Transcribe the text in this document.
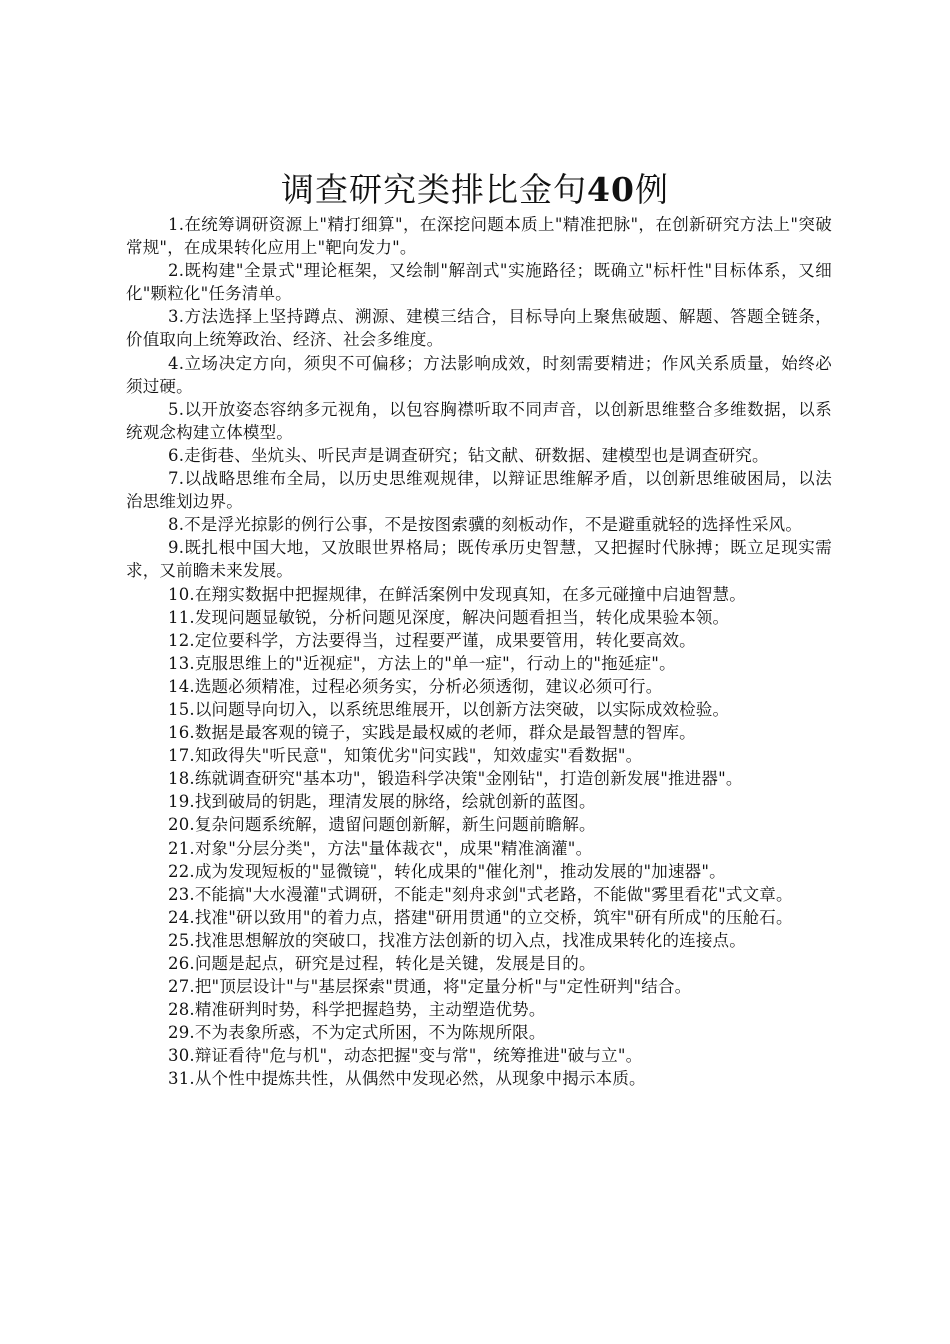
调查研究类排比金句40例

1.在统筹调研资源上"精打细算"，在深挖问题本质上"精准把脉"，在创新研究方法上"突破常规"，在成果转化应用上"靶向发力"。

2.既构建"全景式"理论框架，又绘制"解剖式"实施路径；既确立"标杆性"目标体系，又细化"颗粒化"任务清单。

3.方法选择上坚持蹲点、溯源、建模三结合，目标导向上聚焦破题、解题、答题全链条，价值取向上统筹政治、经济、社会多维度。

4.立场决定方向，须臾不可偏移；方法影响成效，时刻需要精进；作风关系质量，始终必须过硬。

5.以开放姿态容纳多元视角，以包容胸襟听取不同声音，以创新思维整合多维数据，以系统观念构建立体模型。

6.走街巷、坐炕头、听民声是调查研究；钻文献、研数据、建模型也是调查研究。

7.以战略思维布全局，以历史思维观规律，以辩证思维解矛盾，以创新思维破困局，以法治思维划边界。

8.不是浮光掠影的例行公事，不是按图索骥的刻板动作，不是避重就轻的选择性采风。

9.既扎根中国大地，又放眼世界格局；既传承历史智慧，又把握时代脉搏；既立足现实需求，又前瞻未来发展。

10.在翔实数据中把握规律，在鲜活案例中发现真知，在多元碰撞中启迪智慧。

11.发现问题显敏锐，分析问题见深度，解决问题看担当，转化成果验本领。

12.定位要科学，方法要得当，过程要严谨，成果要管用，转化要高效。

13.克服思维上的"近视症"，方法上的"单一症"，行动上的"拖延症"。

14.选题必须精准，过程必须务实，分析必须透彻，建议必须可行。

15.以问题导向切入，以系统思维展开，以创新方法突破，以实际成效检验。

16.数据是最客观的镜子，实践是最权威的老师，群众是最智慧的智库。

17.知政得失"听民意"，知策优劣"问实践"，知效虚实"看数据"。

18.练就调查研究"基本功"，锻造科学决策"金刚钻"，打造创新发展"推进器"。

19.找到破局的钥匙，理清发展的脉络，绘就创新的蓝图。

20.复杂问题系统解，遗留问题创新解，新生问题前瞻解。

21.对象"分层分类"，方法"量体裁衣"，成果"精准滴灌"。

22.成为发现短板的"显微镜"，转化成果的"催化剂"，推动发展的"加速器"。

23.不能搞"大水漫灌"式调研，不能走"刻舟求剑"式老路，不能做"雾里看花"式文章。

24.找准"研以致用"的着力点，搭建"研用贯通"的立交桥，筑牢"研有所成"的压舱石。

25.找准思想解放的突破口，找准方法创新的切入点，找准成果转化的连接点。

26.问题是起点，研究是过程，转化是关键，发展是目的。

27.把"顶层设计"与"基层探索"贯通，将"定量分析"与"定性研判"结合。

28.精准研判时势，科学把握趋势，主动塑造优势。

29.不为表象所惑，不为定式所困，不为陈规所限。

30.辩证看待"危与机"，动态把握"变与常"，统筹推进"破与立"。

31.从个性中提炼共性，从偶然中发现必然，从现象中揭示本质。
